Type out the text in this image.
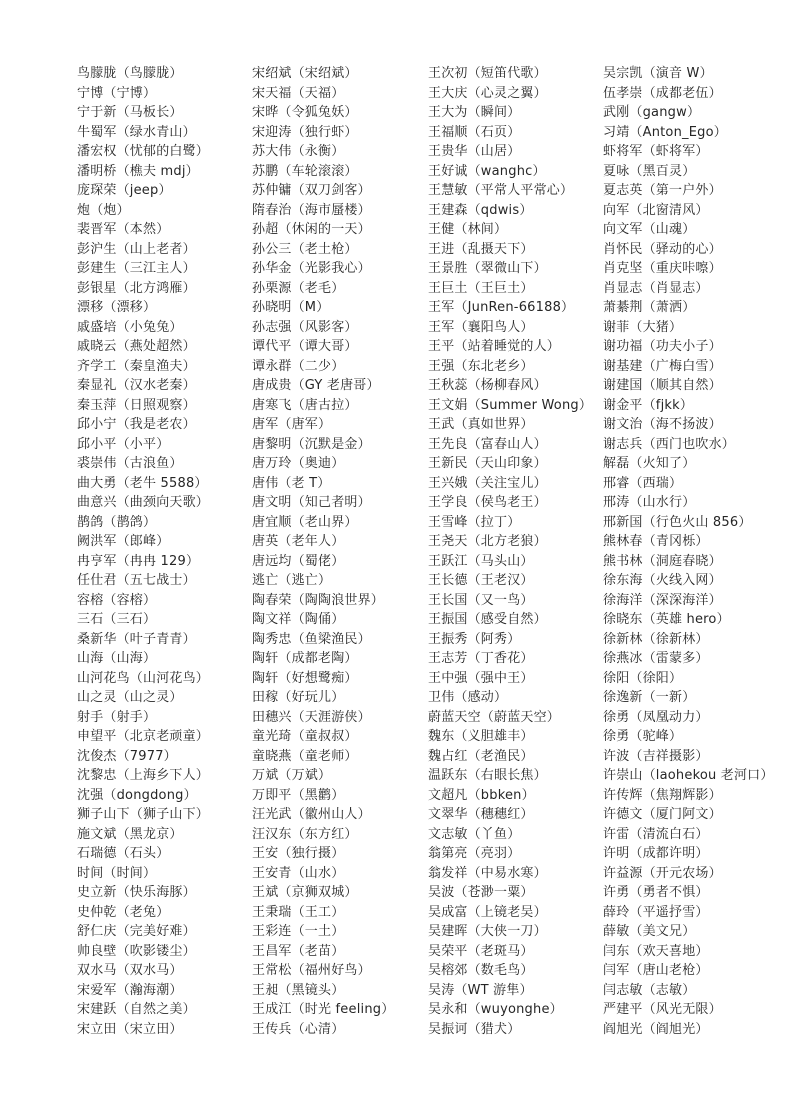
鸟朦胧（鸟朦胧）
宁博（宁博）
宁于新（马板长）
牛蜀军（绿水青山）
潘宏权（忧郁的白鹭）
潘明桥（樵夫 mdj）
庞琛荣（jeep）
炮（炮）
裴晋军（本然）
彭沪生（山上老者）
彭建生（三江主人）
彭银星（北方鸿雁）
漂移（漂移）
戚盛培（小兔兔）
戚晓云（燕处超然）
齐学工（秦皇渔夫）
秦显礼（汉水老秦）
秦玉萍（日照观察）
邱小宁（我是老农）
邱小平（小平）
裘崇伟（古浪鱼）
曲大勇（老牛 5588）
曲意兴（曲颈向天歌）
鹊鸽（鹊鸽）
阙洪军（郎峰）
冉亨军（冉冉 129）
任仕君（五七战士）
容榕（容榕）
三石（三石）
桑新华（叶子青青）
山海（山海）
山河花鸟（山河花鸟）
山之灵（山之灵）
射手（射手）
申望平（北京老顽童）
沈俊杰（7977）
沈黎忠（上海乡下人）
沈强（dongdong）
狮子山下（狮子山下）
施文斌（黑龙京）
石瑞德（石头）
时间（时间）
史立新（快乐海豚）
史仲乾（老兔）
舒仁庆（完美好难）
帅良壁（吹影镂尘）
双水马（双水马）
宋爱军（瀚海潮）
宋建跃（自然之美）
宋立田（宋立田）
宋绍斌（宋绍斌）
宋天福（天福）
宋晔（令狐兔妖）
宋迎涛（独行虾）
苏大伟（永衡）
苏鹏（车轮滚滚）
苏仲镛（双刀剑客）
隋春治（海市蜃楼）
孙超（休闲的一天）
孙公三（老土枪）
孙华金（光影我心）
孙栗源（老毛）
孙晓明（M）
孙志强（风影客）
谭代平（谭大哥）
谭永群（二少）
唐成贵（GY 老唐哥）
唐寒飞（唐古拉）
唐军（唐军）
唐黎明（沉默是金）
唐万玲（奥迪）
唐伟（老 T）
唐文明（知己者明）
唐宜顺（老山界）
唐英（老年人）
唐远均（蜀佬）
逃亡（逃亡）
陶春荣（陶陶浪世界）
陶文祥（陶俑）
陶秀忠（鱼梁渔民）
陶轩（成都老陶）
陶轩（好想鹭痴）
田稼（好玩儿）
田穗兴（天涯游侠）
童光琦（童叔叔）
童晓燕（童老师）
万斌（万斌）
万即平（黑鹳）
汪光武（徽州山人）
汪汉东（东方红）
王安（独行摄）
王安青（山水）
王斌（京狮双城）
王秉瑞（王工）
王彩连（一土）
王昌军（老苗）
王常松（福州好鸟）
王昶（黑镜头）
王成江（时光 feeling）
王传兵（心清）
王次初（短笛代歌）
王大庆（心灵之翼）
王大为（瞬间）
王福顺（石页）
王贵华（山居）
王好诚（wanghc）
王慧敏（平常人平常心）
王建森（qdwis）
王健（林间）
王进（乱摄天下）
王景胜（翠微山下）
王巨土（王巨土）
王军（JunRen-66188）
王军（襄阳鸟人）
王平（站着睡觉的人）
王强（东北老乡）
王秋蕊（杨柳春风）
王文娟（Summer Wong）
王武（真如世界）
王先良（富春山人）
王新民（天山印象）
王兴娥（关注宝儿）
王学良（侯鸟老王）
王雪峰（拉丁）
王尧天（北方老狼）
王跃江（马头山）
王长德（王老汉）
王长国（又一鸟）
王振国（感受自然）
王振秀（阿秀）
王志芳（丁香花）
王中强（强中王）
卫伟（感动）
蔚蓝天空（蔚蓝天空）
魏东（义胆雄丰）
魏占红（老渔民）
温跃东（右眼长焦）
文超凡（bbken）
文翠华（穗穗红）
文志敏（丫鱼）
翁第亮（亮羽）
翁发祥（中易水寒）
吴波（苍渺一粟）
吴成富（上镜老吴）
吴建晖（大侠一刀）
吴荣平（老斑马）
吴榕郊（数毛鸟）
吴涛（WT 游隼）
吴永和（wuyonghe）
吴振诃（猎犬）
吴宗凯（演音 W）
伍孝崇（成都老伍）
武刚（gangw）
习靖（Anton_Ego）
虾将军（虾将军）
夏咏（黑百灵）
夏志英（第一户外）
向军（北窗清风）
向文军（山魂）
肖怀民（驿动的心）
肖克坚（重庆咔嚓）
肖显志（肖显志）
萧綦荆（萧洒）
谢菲（大猪）
谢功福（功夫小子）
谢基建（广梅白雪）
谢建国（顺其自然）
谢金平（fjkk）
谢文治（海不扬波）
谢志兵（西门也吹水）
解磊（火知了）
邢睿（西瑞）
邢涛（山水行）
邢新国（行色火山 856）
熊林春（青冈栎）
熊书林（洞庭春晓）
徐东海（火线入网）
徐海洋（深深海洋）
徐晓东（英雄 hero）
徐新林（徐新林）
徐燕冰（雷蒙多）
徐阳（徐阳）
徐逸新（一新）
徐勇（凤凰动力）
徐勇（驼峰）
许波（吉祥摄影）
许崇山（laohekou 老河口）
许传辉（焦翔辉影）
许德文（厦门阿文）
许雷（清流白石）
许明（成都许明）
许益源（开元农场）
许勇（勇者不惧）
薛玲（平遥抒雪）
薛敏（美文兄）
闫东（欢天喜地）
闫军（唐山老枪）
闫志敏（志敏）
严建平（风光无限）
阎旭光（阎旭光）
